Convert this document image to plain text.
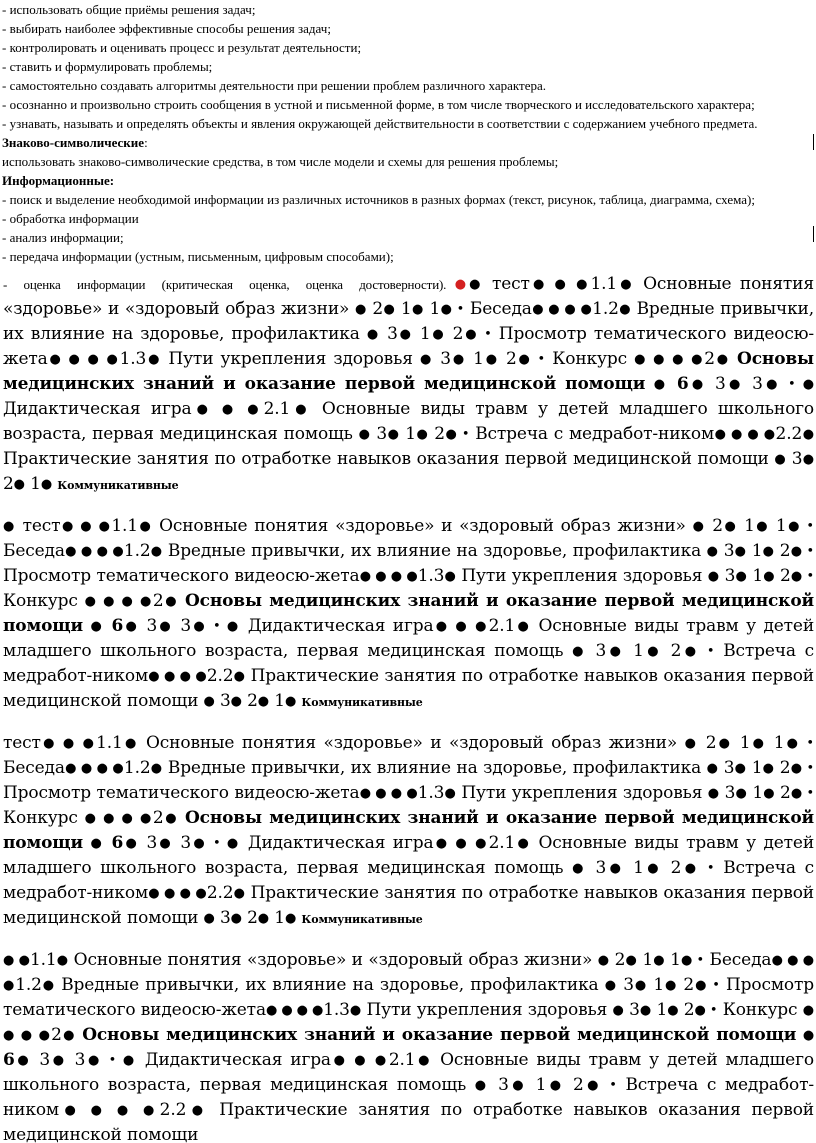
- использовать общие приёмы решения задач;
- выбирать наиболее эффективные способы решения задач;
- контролировать и оценивать процесс и результат деятельности;
- ставить и формулировать проблемы;
- самостоятельно создавать алгоритмы деятельности при решении проблем различного характера.
- осознанно и произвольно строить сообщения в устной и письменной форме, в том числе творческого и исследовательского характера;
- узнавать, называть и определять объекты и явления окружающей действительности в соответствии с содержанием учебного предмета.
Знаково-символические:
использовать знаково-символические средства, в том числе модели и схемы для решения проблемы;
Информационные:
- поиск и выделение необходимой информации из различных источников в разных формах (текст, рисунок, таблица, диаграмма, схема);
- обработка информации
- анализ информации;
- передача информации (устным, письменным, цифровым способами);
- оценка информации (критическая оценка, оценка достоверности). ●● тест● ● ●1.1● Основные понятия «здоровье» и «здоровый образ жизни» ● 2● 1● 1● • Беседа● ● ● ●1.2● Вредные привычки, их влияние на здоровье, профилактика ● 3● 1● 2● • Просмотр тематического видеосю-жета● ● ● ●1.3● Пути укрепления здоровья ● 3● 1● 2● • Конкурс ● ● ● ●2● Основы медицинских знаний и оказание первой медицинской помощи ● 6● 3● 3● • ● Дидактическая игра● ● ●2.1● Основные виды травм у детей младшего школьного возраста, первая медицинская помощь ● 3● 1● 2● • Встреча с медработ-ником● ● ● ●2.2● Практические занятия по отработке навыков оказания первой медицинской помощи ● 3● 2● 1● Коммуникативные
● тест● ● ●1.1● Основные понятия «здоровье» и «здоровый образ жизни» ● 2● 1● 1● • Беседа● ● ● ●1.2● Вредные привычки, их влияние на здоровье, профилактика ● 3● 1● 2● • Просмотр тематического видеосю-жета● ● ● ●1.3● Пути укрепления здоровья ● 3● 1● 2● • Конкурс ● ● ● ●2● Основы медицинских знаний и оказание первой медицинской помощи ● 6● 3● 3● • ● Дидактическая игра● ● ●2.1● Основные виды травм у детей младшего школьного возраста, первая медицинская помощь ● 3● 1● 2● • Встреча с медработ-ником● ● ● ●2.2● Практические занятия по отработке навыков оказания первой медицинской помощи ● 3● 2● 1● Коммуникативные
тест● ● ●1.1● Основные понятия «здоровье» и «здоровый образ жизни» ● 2● 1● 1● • Беседа● ● ● ●1.2● Вредные привычки, их влияние на здоровье, профилактика ● 3● 1● 2● • Просмотр тематического видеосю-жета● ● ● ●1.3● Пути укрепления здоровья ● 3● 1● 2● • Конкурс ● ● ● ●2● Основы медицинских знаний и оказание первой медицинской помощи ● 6● 3● 3● • ● Дидактическая игра● ● ●2.1● Основные виды травм у детей младшего школьного возраста, первая медицинская помощь ● 3● 1● 2● • Встреча с медработ-ником● ● ● ●2.2● Практические занятия по отработке навыков оказания первой медицинской помощи ● 3● 2● 1● Коммуникативные
● ●1.1● Основные понятия «здоровье» и «здоровый образ жизни» ● 2● 1● 1● • Беседа● ● ● ●1.2● Вредные привычки, их влияние на здоровье, профилактика ● 3● 1● 2● • Просмотр тематического видеосю-жета● ● ● ●1.3● Пути укрепления здоровья ● 3● 1● 2● • Конкурс ● ● ● ●2● Основы медицинских знаний и оказание первой медицинской помощи ● 6● 3● 3● • ● Дидактическая игра● ● ●2.1● Основные виды травм у детей младшего школьного возраста, первая медицинская помощь ● 3● 1● 2● • Встреча с медработ-ником● ● ● ●2.2● Практические занятия по отработке навыков оказания первой медицинской помощи
